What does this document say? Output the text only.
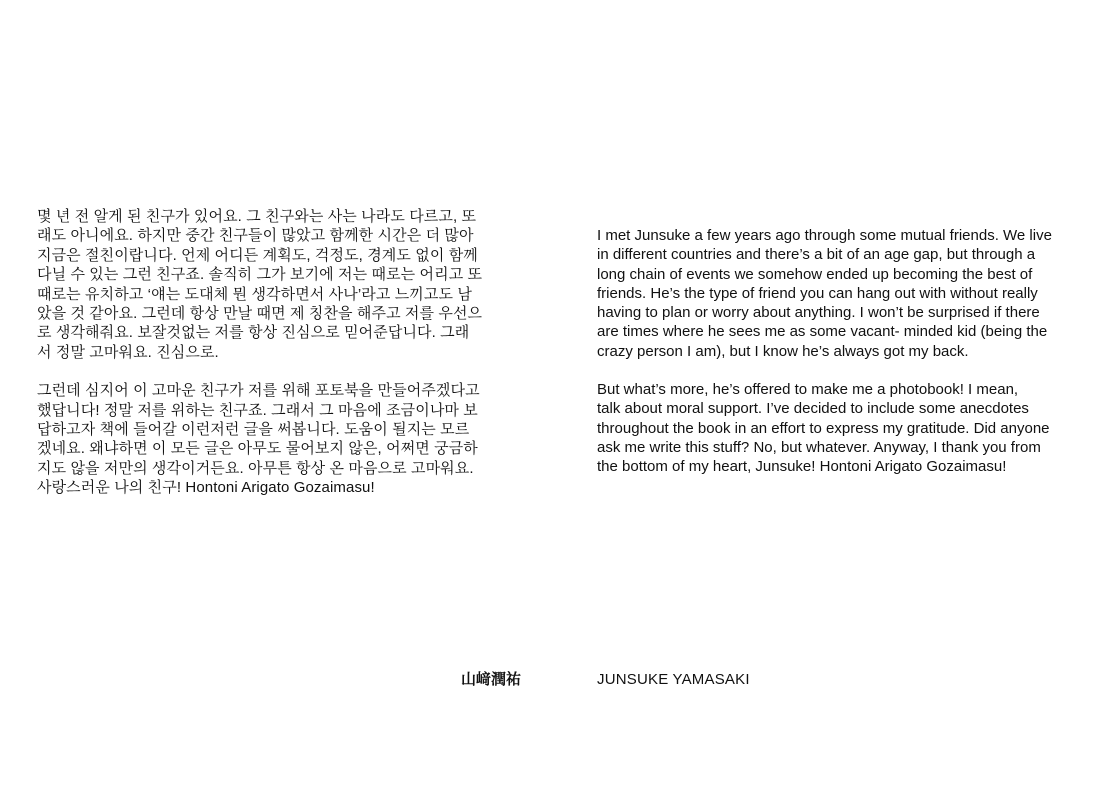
몇 년 전 알게 된 친구가 있어요. 그 친구와는 사는 나라도 다르고, 또
래도 아니에요. 하지만 중간 친구들이 많았고 함께한 시간은 더 많아
지금은 절친이랍니다. 언제 어디든 계획도, 걱정도, 경계도 없이 함께
다닐 수 있는 그런 친구죠. 솔직히 그가 보기에 저는 때로는 어리고 또
때로는 유치하고 ‘얘는 도대체 뭔 생각하면서 사나’라고 느끼고도 남
았을 것 같아요. 그런데 항상 만날 때면 제 칭찬을 해주고 저를 우선으
로 생각해줘요. 보잘것없는 저를 항상 진심으로 믿어준답니다. 그래
서 정말 고마워요. 진심으로.

그런데 심지어 이 고마운 친구가 저를 위해 포토북을 만들어주겠다고
했답니다! 정말 저를 위하는 친구죠. 그래서 그 마음에 조금이나마 보
답하고자 책에 들어갈 이런저런 글을 써봅니다. 도움이 될지는 모르
겠네요. 왜냐하면 이 모든 글은 아무도 물어보지 않은, 어쩌면 궁금하
지도 않을 저만의 생각이거든요. 아무튼 항상 온 마음으로 고마워요.
사랑스러운 나의 친구! Hontoni Arigato Gozaimasu!

I met Junsuke a few years ago through some mutual friends. We live
in different countries and there’s a bit of an age gap, but through a
long chain of events we somehow ended up becoming the best of
friends. He’s the type of friend you can hang out with without really
having to plan or worry about anything. I won’t be surprised if there
are times where he sees me as some vacant- minded kid (being the
crazy person I am), but I know he’s always got my back.

But what’s more, he’s offered to make me a photobook! I mean,
talk about moral support. I’ve decided to include some anecdotes
throughout the book in an effort to express my gratitude. Did anyone
ask me write this stuff? No, but whatever. Anyway, I thank you from
the bottom of my heart, Junsuke! Hontoni Arigato Gozaimasu!

山﨑潤祐	JUNSUKE YAMASAKI
